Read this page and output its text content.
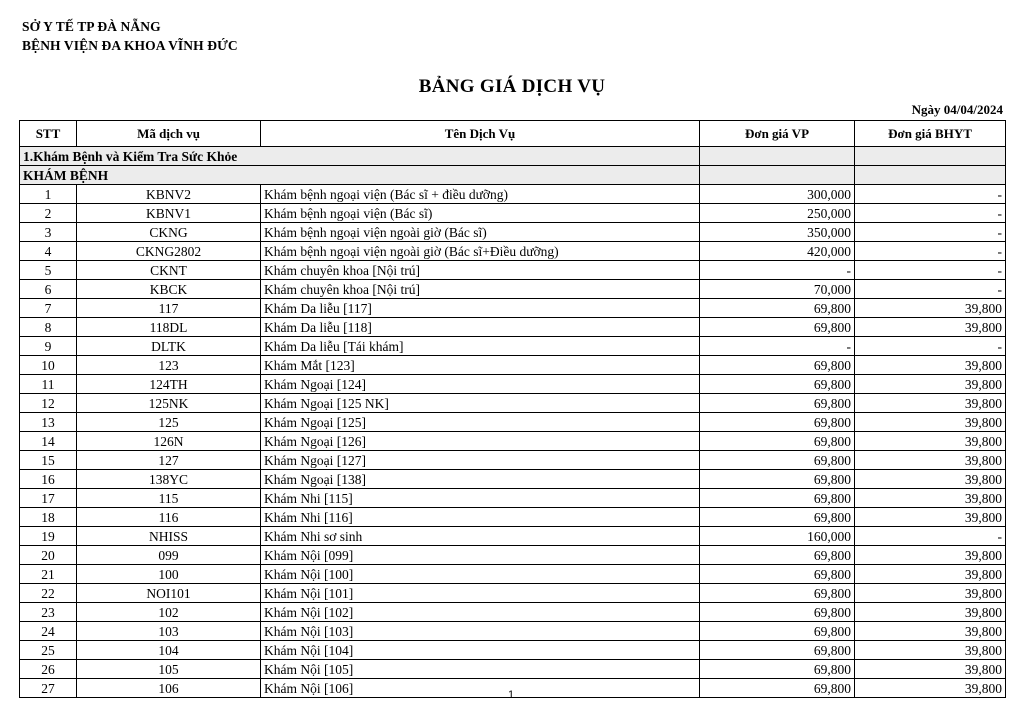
SỞ Y TẾ TP ĐÀ NẴNG
BỆNH VIỆN ĐA KHOA VĨNH ĐỨC
BẢNG GIÁ DỊCH VỤ
Ngày 04/04/2024
STT	Mã dịch vụ	Tên Dịch Vụ	Đơn giá VP	Đơn giá BHYT
1.Khám Bệnh và Kiểm Tra Sức Khỏe				
KHÁM BỆNH				
1	KBNV2	Khám bệnh ngoại viện (Bác sĩ + điều dưỡng)	300,000	-
2	KBNV1	Khám bệnh ngoại viện (Bác sĩ)	250,000	-
3	CKNG	Khám bệnh ngoại viện ngoài giờ (Bác sĩ)	350,000	-
4	CKNG2802	Khám bệnh ngoại viện ngoài giờ (Bác sĩ+Điều dưỡng)	420,000	-
5	CKNT	Khám chuyên khoa [Nội trú]	-	-
6	KBCK	Khám chuyên khoa [Nội trú]	70,000	-
7	117	Khám Da liễu [117]	69,800	39,800
8	118DL	Khám Da liễu [118]	69,800	39,800
9	DLTK	Khám Da liễu [Tái khám]	-	-
10	123	Khám Mắt [123]	69,800	39,800
11	124TH	Khám Ngoại [124]	69,800	39,800
12	125NK	Khám Ngoại [125 NK]	69,800	39,800
13	125	Khám Ngoại [125]	69,800	39,800
14	126N	Khám Ngoại [126]	69,800	39,800
15	127	Khám Ngoại [127]	69,800	39,800
16	138YC	Khám Ngoại [138]	69,800	39,800
17	115	Khám Nhi [115]	69,800	39,800
18	116	Khám Nhi [116]	69,800	39,800
19	NHISS	Khám Nhi sơ sinh	160,000	-
20	099	Khám Nội [099]	69,800	39,800
21	100	Khám Nội [100]	69,800	39,800
22	NOI101	Khám Nội [101]	69,800	39,800
23	102	Khám Nội [102]	69,800	39,800
24	103	Khám Nội [103]	69,800	39,800
25	104	Khám Nội [104]	69,800	39,800
26	105	Khám Nội [105]	69,800	39,800
27	106	Khám Nội [106]	69,800	39,800
1
